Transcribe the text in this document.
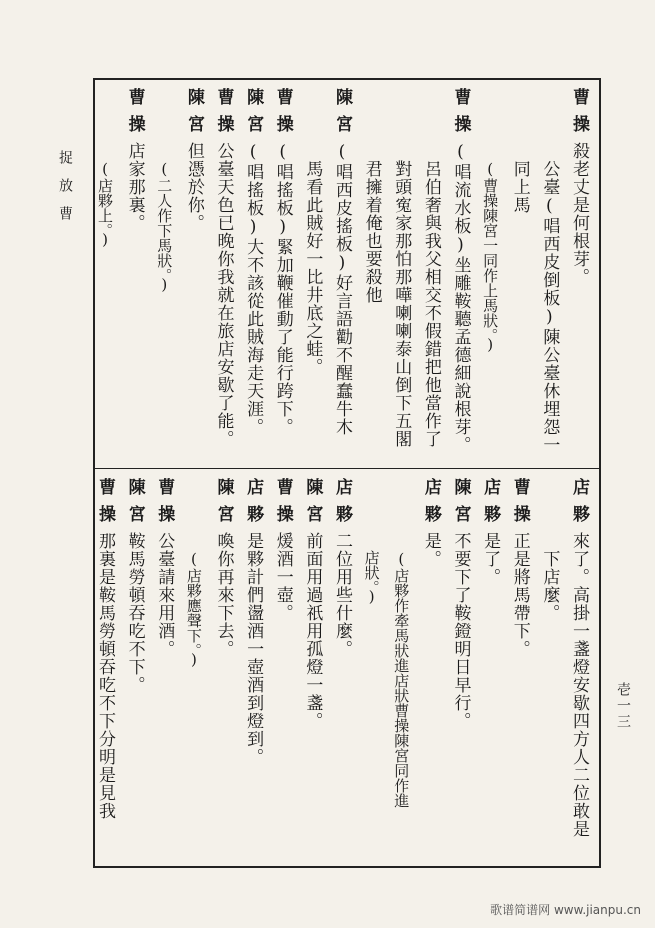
捉放曹
壱一三
曹操殺老丈是何根芽。
公臺(唱西皮倒板)陳公臺休埋怨一
同上馬
(曹操陳宮一同作上馬狀。)
曹操(唱流水板)坐雕鞍聽孟德細說根芽。
呂伯奢與我父相交不假錯把他當作了
對頭寃家那怕那嘩喇喇泰山倒下五閣
君擁着俺也要殺他
陳宮(唱西皮搖板)好言語勸不醒蠢牛木
馬看此賊好一比井底之蛙。
曹操(唱搖板)緊加鞭催動了能行跨下。
陳宮(唱搖板)大不該從此賊海走天涯。
曹操公臺天色已晚你我就在旅店安歇了能。
陳宮但憑於你。
(二人作下馬狀。)
曹操店家那裏。
(店夥上。)
店夥來了。高掛一盞燈安歇四方人二位敢是
下店麼。
曹操正是將馬帶下。
店夥是了。
陳宮不要下了鞍鐙明日早行。
店夥是。
(店夥作牽馬狀進店狀曹操陳宮同作進
店狀。)
店夥二位用些什麼。
陳宮前面用過祇用孤燈一盞。
曹操煖酒一壺。
店夥是夥計們盪酒一壺酒到燈到。
陳宮喚你再來下去。
(店夥應聲下。)
曹操公臺請來用酒。
陳宮鞍馬勞頓吞吃不下。
曹操那裏是鞍馬勞頓吞吃不下分明是見我
歌谱简谱网 www.jianpu.cn
